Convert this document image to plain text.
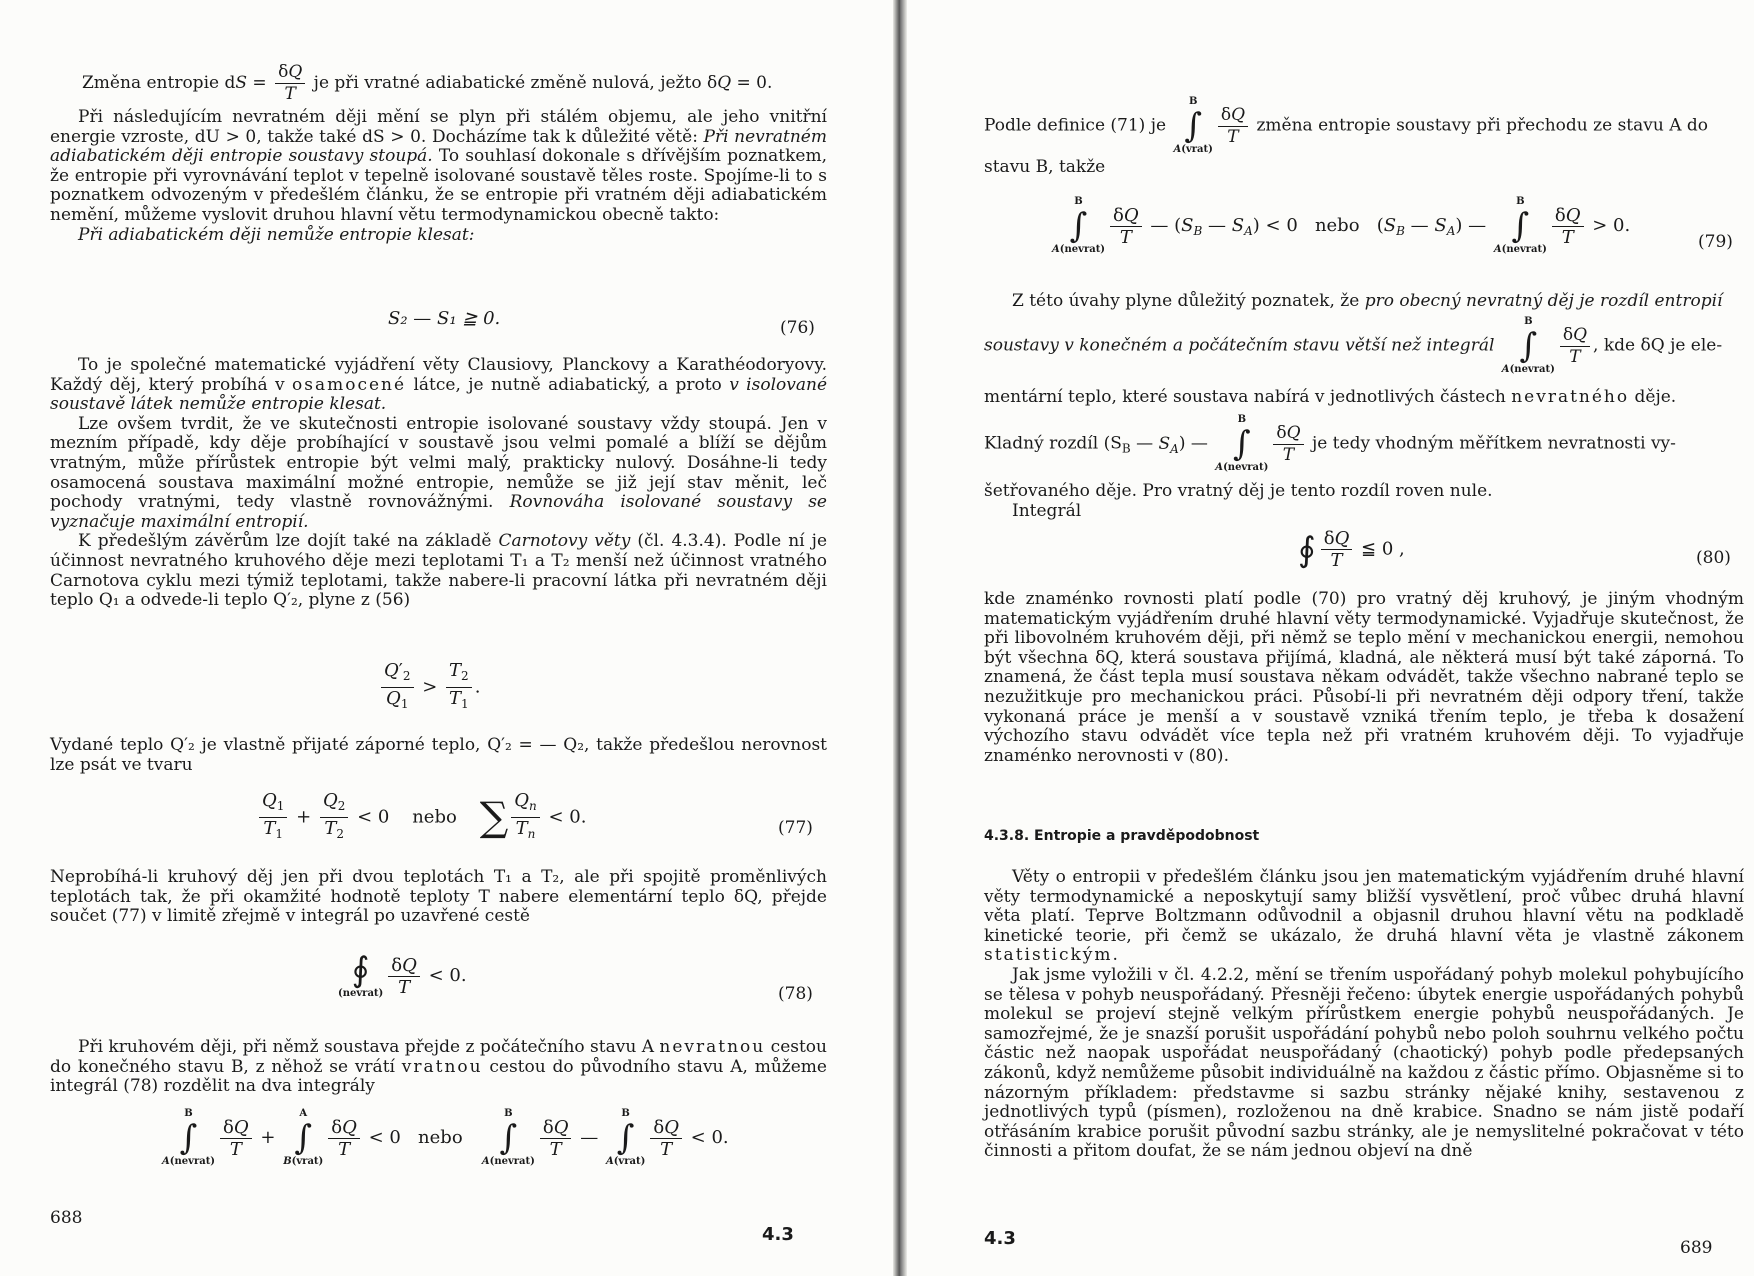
Změna entropie dS = $\frac{\delta Q}{T}$ je při vratné adiabatické změně nulová, ježto δQ = 0.

Při následujícím nevratném ději mění se plyn při stálém objemu, ale jeho vnitřní energie vzroste, dU > 0, takže také dS > 0. Docházíme tak k důležité větě: Při nevratném adiabatickém ději entropie soustavy stoupá. To souhlasí dokonale s dřívějším poznatkem, že entropie při vyrovnávání teplot v tepelně isolované soustavě těles roste. Spojíme-li to s poznatkem odvozeným v předešlém článku, že se entropie při vratném ději adiabatickém nemění, můžeme vyslovit druhou hlavní větu termodynamickou obecně takto:

Při adiabatickém ději nemůže entropie klesat:

S₂ — S₁ ≧ 0.	(76)

To je společné matematické vyjádření věty Clausiovy, Planckovy a Karathéodoryovy. Každý děj, který probíhá v osamocené látce, je nutně adiabatický, a proto v isolované soustavě látek nemůže entropie klesat.

Lze ovšem tvrdit, že ve skutečnosti entropie isolované soustavy vždy stoupá. Jen v mezním případě, kdy děje probíhající v soustavě jsou velmi pomalé a blíží se dějům vratným, může přírůstek entropie být velmi malý, prakticky nulový. Dosáhne-li tedy osamocená soustava maximální možné entropie, nemůže se již její stav měnit, leč pochody vratnými, tedy vlastně rovnovážnými. Rovnováha isolované soustavy se vyznačuje maximální entropií.

K předešlým závěrům lze dojít také na základě Carnotovy věty (čl. 4.3.4). Podle ní je účinnost nevratného kruhového děje mezi teplotami T₁ a T₂ menší než účinnost vratného Carnotova cyklu mezi týmiž teplotami, takže nabere-li pracovní látka při nevratném ději teplo Q₁ a odvede-li teplo Q′₂, plyne z (56)

$\frac{Q'_2}{Q_1} > \frac{T_2}{T_1}$ .

Vydané teplo Q′₂ je vlastně přijaté záporné teplo, Q′₂ = — Q₂, takže předešlou nerovnost lze psát ve tvaru

$\frac{Q_1}{T_1} + \frac{Q_2}{T_2} < 0$    nebo ∑ $\frac{Q_n}{T_n} < 0$.
(77)

Neprobíhá-li kruhový děj jen při dvou teplotách T₁ a T₂, ale při spojitě proměnlivých teplotách tak, že při okamžité hodnotě teploty T nabere elementární teplo δQ, přejde součet (77) v limitě zřejmě v integrál po uzavřené cestě

∮
(nevrat) $\frac{\delta Q}{T} < 0$.
(78)

Při kruhovém ději, při němž soustava přejde z počátečního stavu A nevratnou cestou do konečného stavu B, z něhož se vrátí vratnou cestou do původního stavu A, můžeme integrál (78) rozdělit na dva integrály

B
∫
A(nevrat)
$\frac{\delta Q}{T}$ +
A
∫
B(vrat)
$\frac{\delta Q}{T} < 0$   nebo
B
∫
A(nevrat)
$\frac{\delta Q}{T}$ —
B
∫
A(vrat)
$\frac{\delta Q}{T} < 0$.
688
4.3
Podle definice (71) je
B
∫
A(vrat)
$\frac{\delta Q}{T}$ změna entropie soustavy při přechodu ze stavu A do

stavu B, takže

B
∫
A(nevrat)
$\frac{\delta Q}{T}$ — ($S_B$ — $S_A) < 0$   nebo   ($S_B$ — $S_A$) —
B
∫
A(nevrat)
$\frac{\delta Q}{T} > 0$.
(79)

Z této úvahy plyne důležitý poznatek, že pro obecný nevratný děj je rozdíl entropií

soustavy v konečném a počátečním stavu větší než integrál
B
∫
A(nevrat)
$\frac{\delta Q}{T}$ , kde δQ je ele-

mentární teplo, které soustava nabírá v jednotlivých částech nevratného děje.

Kladný rozdíl ($S_B$ — $S_A$) —
B
∫
A(nevrat)
$\frac{\delta Q}{T}$ je tedy vhodným měřítkem nevratnosti vy-

šetřovaného děje. Pro vratný děj je tento rozdíl roven nule.

Integrál

∮ $\frac{\delta Q}{T}$ ≦ 0 ,	(80)

kde znaménko rovnosti platí podle (70) pro vratný děj kruhový, je jiným vhodným matematickým vyjádřením druhé hlavní věty termodynamické. Vyjadřuje skutečnost, že při libovolném kruhovém ději, při němž se teplo mění v mechanickou energii, nemohou být všechna δQ, která soustava přijímá, kladná, ale některá musí být také záporná. To znamená, že část tepla musí soustava někam odvádět, takže všechno nabrané teplo se nezužitkuje pro mechanickou práci. Působí-li při nevratném ději odpory tření, takže vykonaná práce je menší a v soustavě vzniká třením teplo, je třeba k dosažení výchozího stavu odvádět více tepla než při vratném kruhovém ději. To vyjadřuje znaménko nerovnosti v (80).

4.3.8. Entropie a pravděpodobnost

Věty o entropii v předešlém článku jsou jen matematickým vyjádřením druhé hlavní věty termodynamické a neposkytují samy bližší vysvětlení, proč vůbec druhá hlavní věta platí. Teprve Boltzmann odůvodnil a objasnil druhou hlavní větu na podkladě kinetické teorie, při čemž se ukázalo, že druhá hlavní věta je vlastně zákonem statistickým.

Jak jsme vyložili v čl. 4.2.2, mění se třením uspořádaný pohyb molekul pohybujícího se tělesa v pohyb neuspořádaný. Přesněji řečeno: úbytek energie uspořádaných pohybů molekul se projeví stejně velkým přírůstkem energie pohybů neuspořádaných. Je samozřejmé, že je snazší porušit uspořádání pohybů nebo poloh souhrnu velkého počtu částic než naopak uspořádat neuspořádaný (chaotický) pohyb podle předepsaných zákonů, když nemůžeme působit individuálně na každou z částic přímo. Objasněme si to názorným příkladem: představme si sazbu stránky nějaké knihy, sestavenou z jednotlivých typů (písmen), rozloženou na dně krabice. Snadno se nám jistě podaří otřásáním krabice porušit původní sazbu stránky, ale je nemyslitelné pokračovat v této činnosti a přitom doufat, že se nám jednou objeví na dně

4.3	689
